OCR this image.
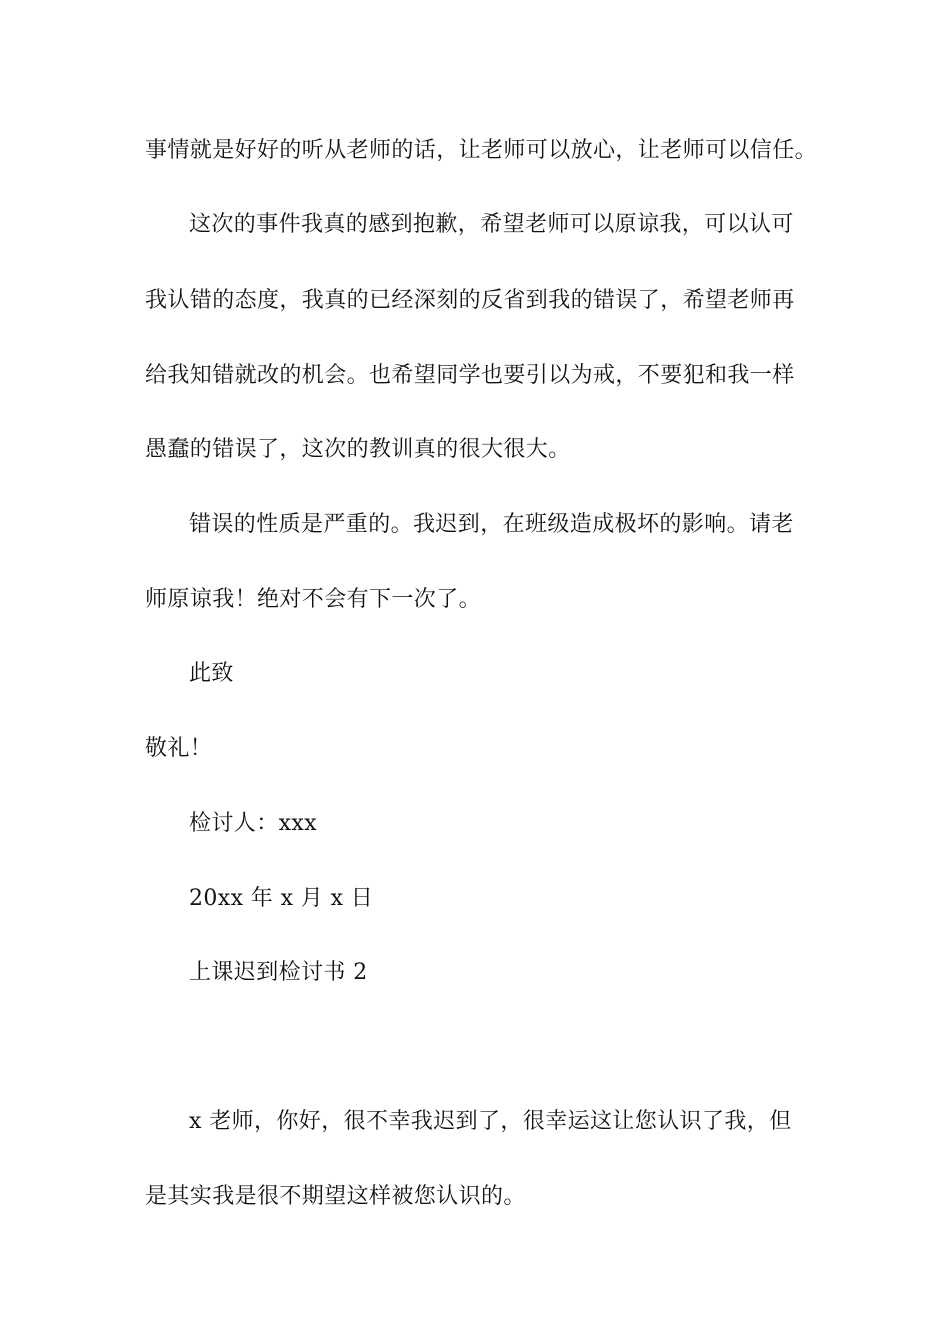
事情就是好好的听从老师的话，让老师可以放心，让老师可以信任。
这次的事件我真的感到抱歉，希望老师可以原谅我，可以认可
我认错的态度，我真的已经深刻的反省到我的错误了，希望老师再
给我知错就改的机会。也希望同学也要引以为戒，不要犯和我一样
愚蠢的错误了，这次的教训真的很大很大。
错误的性质是严重的。我迟到，在班级造成极坏的影响。请老
师原谅我！绝对不会有下一次了。
此致
敬礼！
检讨人：xxx
20xx 年 x 月 x 日
上课迟到检讨书 2
x 老师，你好，很不幸我迟到了，很幸运这让您认识了我，但
是其实我是很不期望这样被您认识的。
